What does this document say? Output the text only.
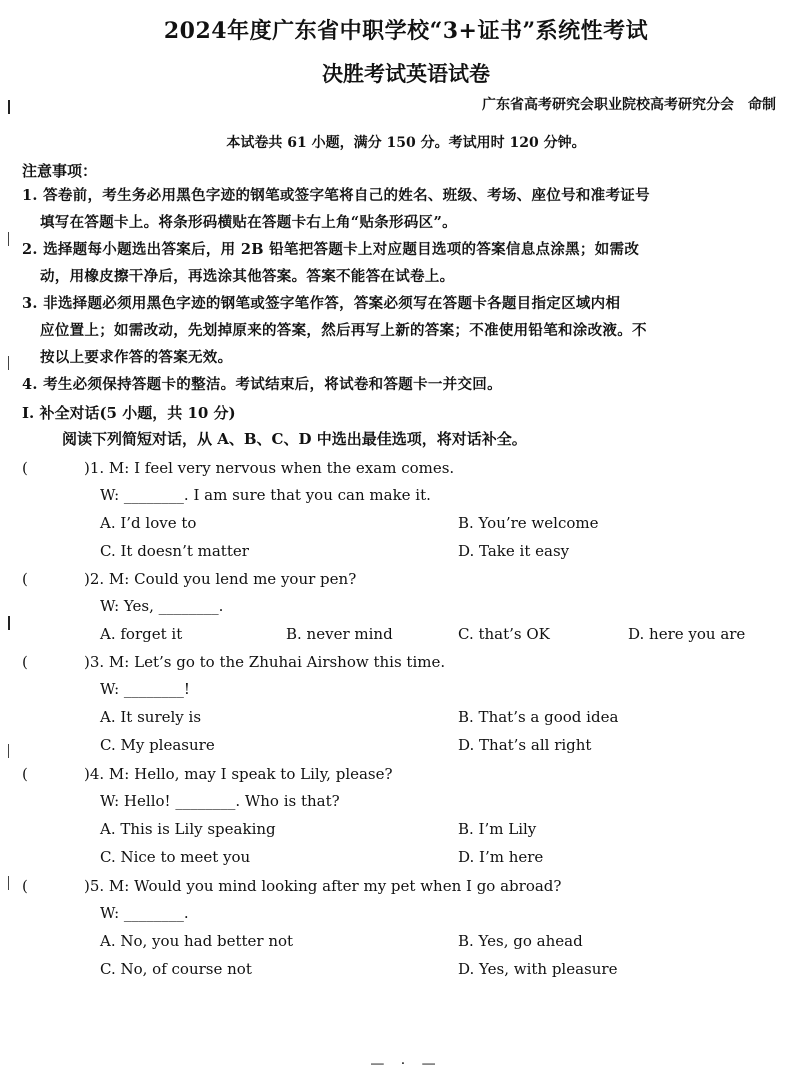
2024年度广东省中职学校“3+证书”系统性考试
决胜考试英语试卷
广东省高考研究会职业院校高考研究分会　命制
本试卷共 61 小题，满分 150 分。考试用时 120 分钟。
注意事项：
1. 答卷前，考生务必用黑色字迹的钢笔或签字笔将自己的姓名、班级、考场、座位号和准考证号
填写在答题卡上。将条形码横贴在答题卡右上角“贴条形码区”。
2. 选择题每小题选出答案后，用 2B 铅笔把答题卡上对应题目选项的答案信息点涂黑；如需改
动，用橡皮擦干净后，再选涂其他答案。答案不能答在试卷上。
3. 非选择题必须用黑色字迹的钢笔或签字笔作答，答案必须写在答题卡各题目指定区域内相
应位置上；如需改动，先划掉原来的答案，然后再写上新的答案；不准使用铅笔和涂改液。不
按以上要求作答的答案无效。
4. 考生必须保持答题卡的整洁。考试结束后，将试卷和答题卡一并交回。
Ⅰ. 补全对话(5 小题，共 10 分)
阅读下列简短对话，从 A、B、C、D 中选出最佳选项，将对话补全。
(	)1. M: I feel very nervous when the exam comes.
W: ________. I am sure that you can make it.
A. I’d love to	B. You’re welcome
C. It doesn’t matter	D. Take it easy
(	)2. M: Could you lend me your pen?
W: Yes, ________.
A. forget it	B. never mind	C. that’s OK	D. here you are
(	)3. M: Let’s go to the Zhuhai Airshow this time.
W: ________!
A. It surely is	B. That’s a good idea
C. My pleasure	D. That’s all right
(	)4. M: Hello, may I speak to Lily, please?
W: Hello! ________. Who is that?
A. This is Lily speaking	B. I’m Lily
C. Nice to meet you	D. I’m here
(	)5. M: Would you mind looking after my pet when I go abroad?
W: ________.
A. No, you had better not	B. Yes, go ahead
C. No, of course not	D. Yes, with pleasure
— · —
